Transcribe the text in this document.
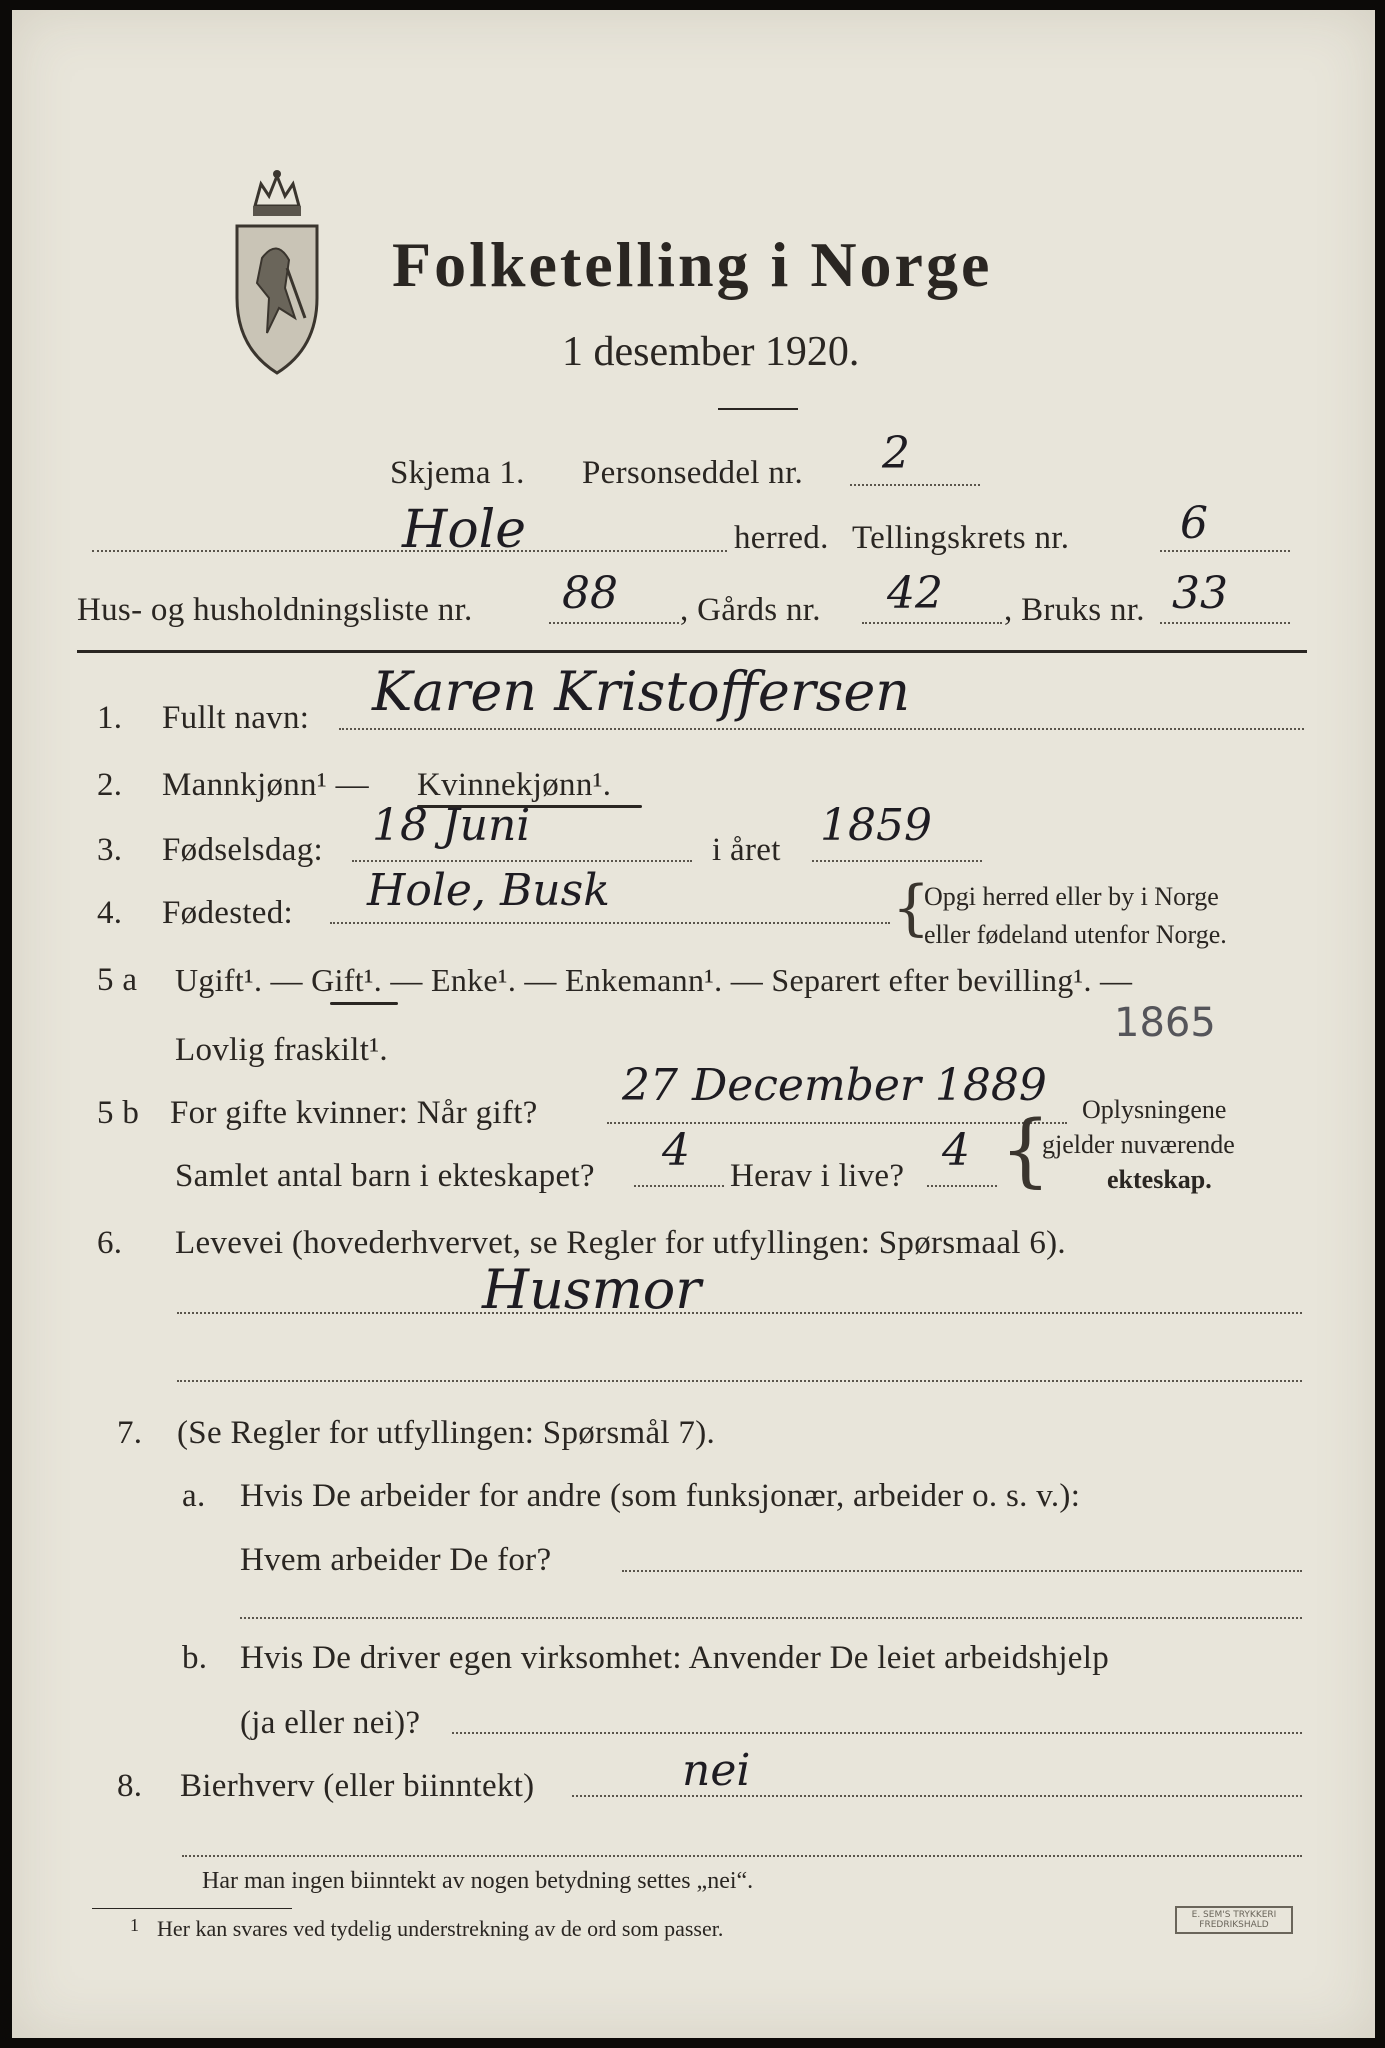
Folketelling i Norge
1 desember 1920.
Skjema 1. Personseddel nr. 2
Hole	herred. Tellingskrets nr.	6
Hus- og husholdningsliste nr. 88 , Gårds nr. 42 , Bruks nr. 33
1. Fullt navn: Karen Kristoffersen
2. Mannkjønn¹ — Kvinnekjønn¹.
3. Fødselsdag: 18 Juni	i året 1859
4. Fødested: Hole, Busk	{
Opgi herred eller by i Norge
eller fødeland utenfor Norge.
5 a Ugift¹. — Gift¹. — Enke¹. — Enkemann¹. — Separert efter bevilling¹. —
Lovlig fraskilt¹.
1865
5 b For gifte kvinner: Når gift?
27 December 1889
Samlet antal barn i ekteskapet? 4 Herav i live? 4 { Oplysningene
gjelder nuværende
ekteskap.
6. Levevei (hovederhvervet, se Regler for utfyllingen: Spørsmaal 6).
Husmor
7. (Se Regler for utfyllingen: Spørsmål 7).
a. Hvis De arbeider for andre (som funksjonær, arbeider o. s. v.):
Hvem arbeider De for?
b. Hvis De driver egen virksomhet: Anvender De leiet arbeidshjelp
(ja eller nei)?
8. Bierhverv (eller biinntekt)	nei
Har man ingen biinntekt av nogen betydning settes „nei“.
1 Her kan svares ved tydelig understrekning av de ord som passer.
E. SEM'S TRYKKERI
FREDRIKSHALD
